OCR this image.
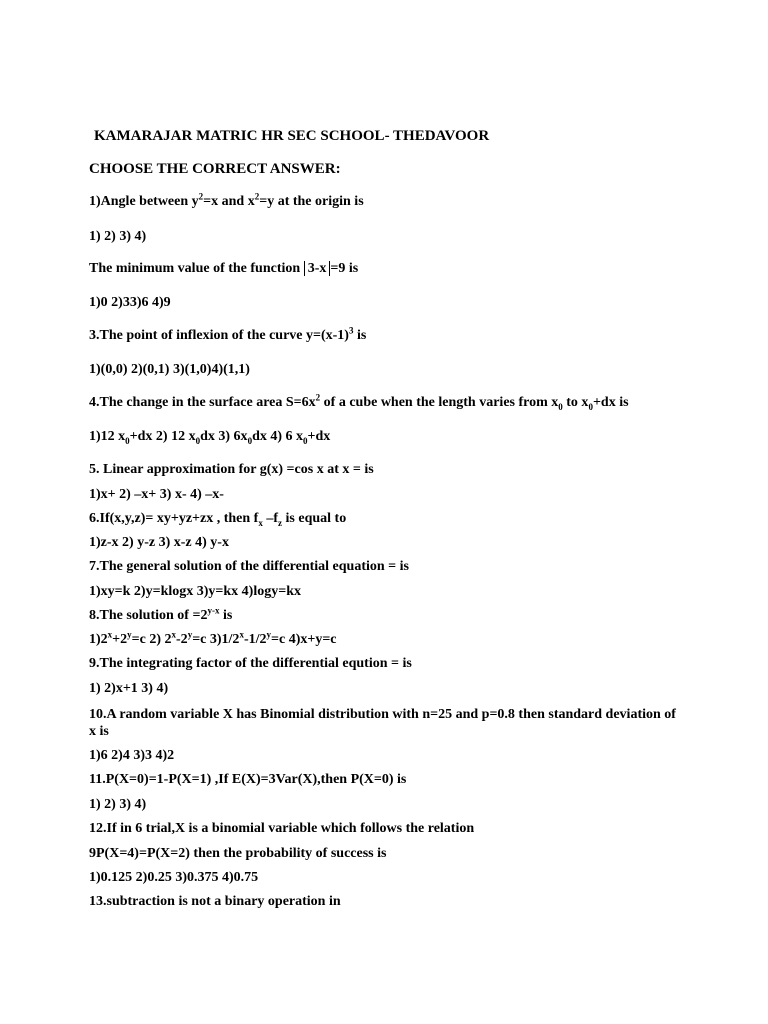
KAMARAJAR MATRIC HR SEC SCHOOL- THEDAVOOR
CHOOSE THE CORRECT ANSWER:
1)Angle between $y^2=x$ and $x^2=y$ at the origin is
1) 2) 3) 4)
The minimum value of the function 3-x =9 is
1)0 2)33)6 4)9
3.The point of inflexion of the curve $y=(x-1)^3$ is
1)(0,0) 2)(0,1) 3)(1,0)4)(1,1)
4.The change in the surface area $S=6x^2$ of a cube when the length varies from $x_0$ to $x_0+dx$ is
1)12 $x_0+dx$ 2) 12 $x_0dx$ 3) $6x_0dx$ 4) 6 $x_0+dx$
5. Linear approximation for g(x) =cos x at x = is
1)x+ 2) –x+ 3) x- 4) –x-
6.If(x,y,z)= xy+yz+zx , then $f_x$ $-f_z$ is equal to
1)z-x 2) y-z 3) x-z 4) y-x
7.The general solution of the differential equation = is
1)xy=k 2)y=klogx 3)y=kx 4)logy=kx
8.The solution of $=2^{y-x}$ is
$1)2^x+2^y=c$ 2) $2^x-2^y=c$ $3)1/2^x-1/2^y=c$ 4)x+y=c
9.The integrating factor of the differential eqution = is
1) 2)x+1 3) 4)
10.A random variable X has Binomial distribution with n=25 and p=0.8 then standard deviation of x is
1)6 2)4 3)3 4)2
11.P(X=0)=1-P(X=1) ,If E(X)=3Var(X),then P(X=0) is
1) 2) 3) 4)
12.If in 6 trial,X is a binomial variable which follows the relation
9P(X=4)=P(X=2) then the probability of success is
1)0.125 2)0.25 3)0.375 4)0.75
13.subtraction is not a binary operation in
